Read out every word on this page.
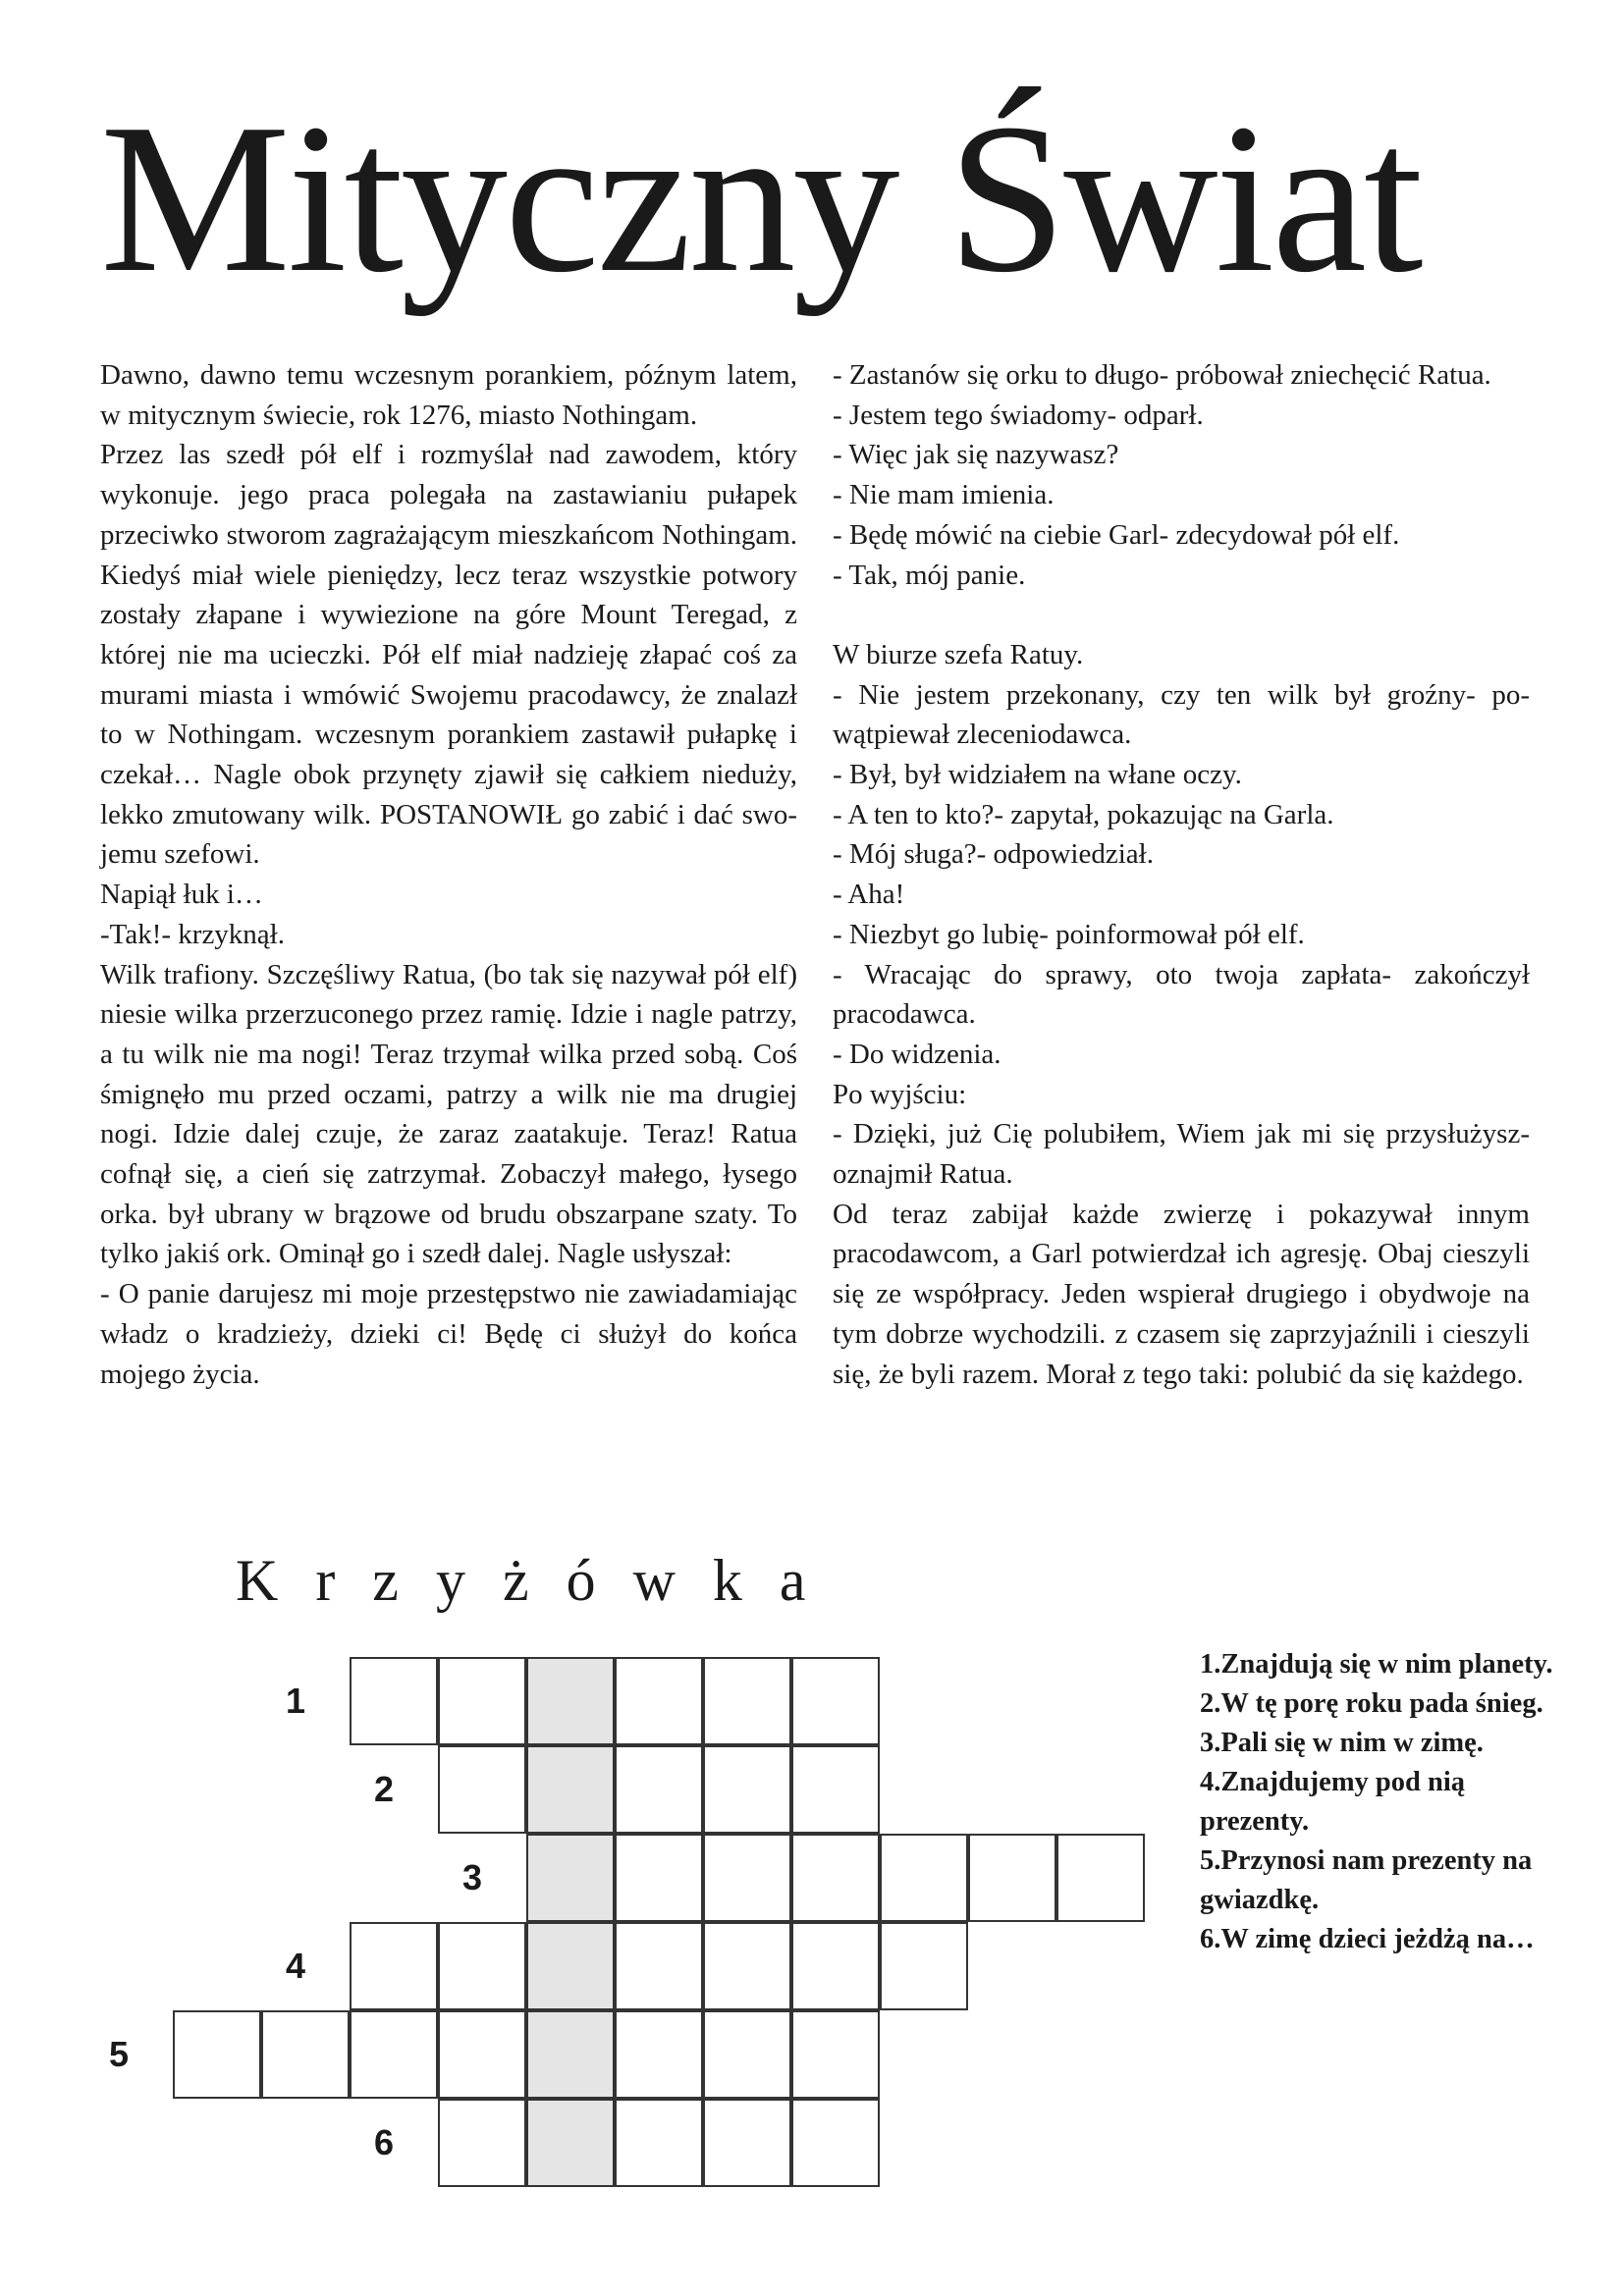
Mityczny Świat

Dawno, dawno temu wczesnym porankiem, późnym latem, w mitycznym świecie, rok 1276, miasto Nothingam.

Przez las szedł pół elf i rozmyślał nad zawodem, który wykonuje. jego praca polegała na zastawianiu pułapek przeciwko stworom zagrażającym mieszkańcom Nothingam. Kiedyś miał wiele pieniędzy, lecz teraz wszystkie potwory zostały złapane i wywiezione na góre Mount Teregad, z której nie ma ucieczki. Pół elf miał nadzieję złapać coś za murami miasta i wmówić Swojemu pracodawcy, że znalazł to w Nothingam. wczesnym porankiem zastawił pułapkę i czekał… Nagle obok przynęty zjawił się całkiem nieduży, lekko zmutowany wilk. POSTANOWIŁ go zabić i dać swojemu szefowi.

Napiął łuk i…

-Tak!- krzyknął.

Wilk trafiony. Szczęśliwy Ratua, (bo tak się nazywał pół elf) niesie wilka przerzuconego przez ramię. Idzie i nagle patrzy, a tu wilk nie ma nogi! Teraz trzymał wilka przed sobą. Coś śmignęło mu przed oczami, patrzy a wilk nie ma drugiej nogi. Idzie dalej czuje, że zaraz zaatakuje. Teraz! Ratua cofnął się, a cień się zatrzymał. Zobaczył małego, łysego orka. był ubrany w brązowe od brudu obszarpane szaty. To tylko jakiś ork. Ominął go i szedł dalej. Nagle usłyszał:

- O panie darujesz mi moje przestępstwo nie zawiadamiając władz o kradzieży, dzieki ci! Będę ci służył do końca mojego życia.

- Zastanów się orku to długo- próbował zniechęcić Ratua.

- Jestem tego świadomy- odparł.

- Więc jak się nazywasz?

- Nie mam imienia.

- Będę mówić na ciebie Garl- zdecydował pół elf.

- Tak, mój panie.

W biurze szefa Ratuy.

- Nie jestem przekonany, czy ten wilk był groźny- powątpiewał zleceniodawca.

- Był, był widziałem na włane oczy.

- A ten to kto?- zapytał, pokazując na Garla.

- Mój sługa?- odpowiedział.

- Aha!

- Niezbyt go lubię- poinformował pół elf.

- Wracając do sprawy, oto twoja zapłata- zakończył pracodawca.

- Do widzenia.

Po wyjściu:

- Dzięki, już Cię polubiłem, Wiem jak mi się przysłużysz- oznajmił Ratua.

Od teraz zabijał każde zwierzę i pokazywał innym pracodawcom, a Garl potwierdzał ich agresję. Obaj cieszyli się ze współpracy. Jeden wspierał drugiego i obydwoje na tym dobrze wychodzili. z czasem się zaprzyjaźnili i cieszyli się, że byli razem. Morał z tego taki: polubić da się każdego.

Krzyżówka
1
2
3
4
5
6

1.Znajdują się w nim planety.

2.W tę porę roku pada śnieg.

3.Pali się w nim w zimę.

4.Znajdujemy pod nią prezenty.

5.Przynosi nam prezenty na gwiazdkę.

6.W zimę dzieci jeżdżą na…
